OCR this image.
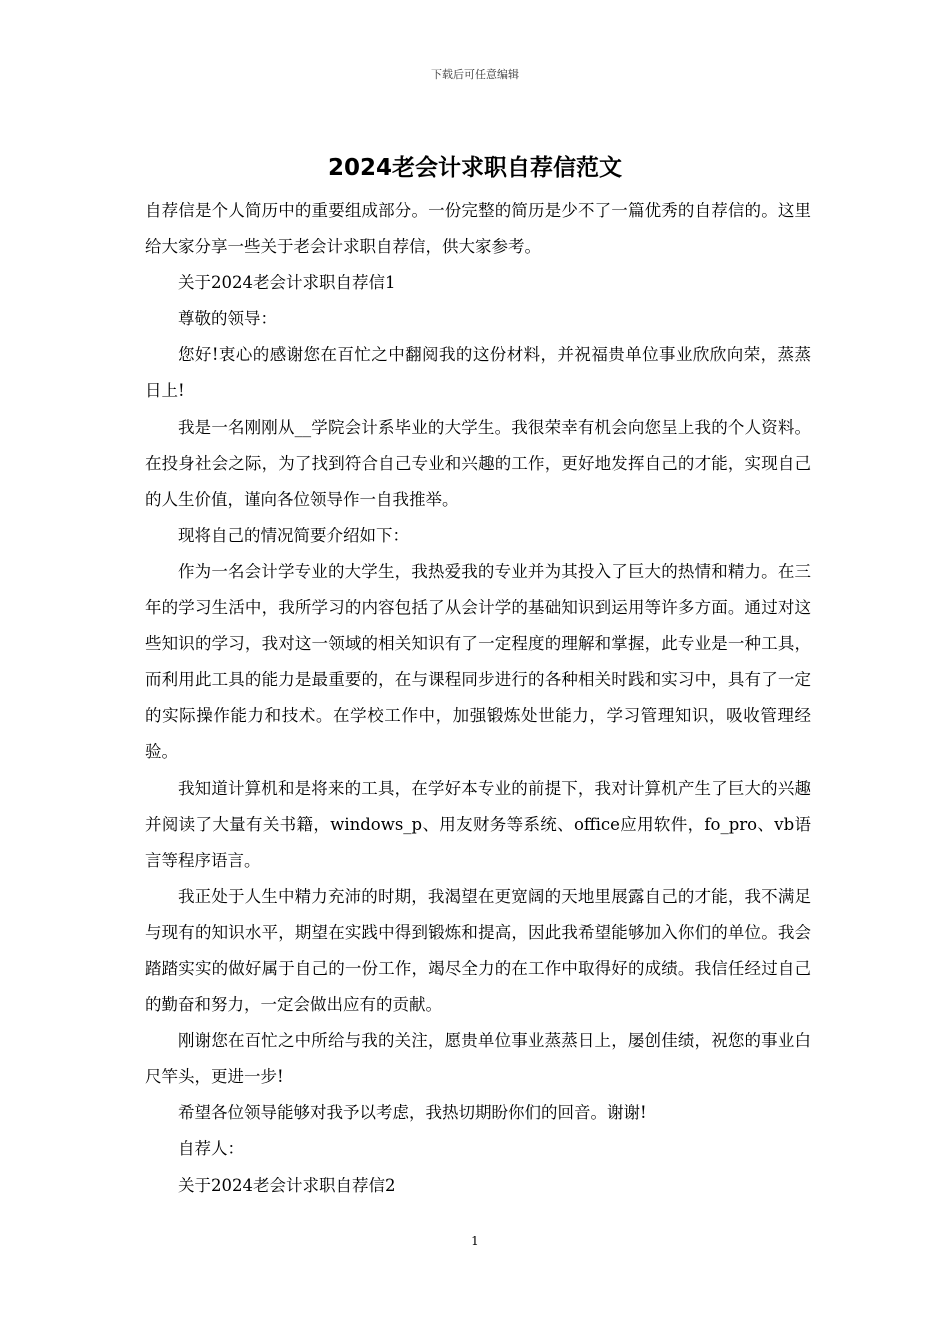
下载后可任意编辑
2024老会计求职自荐信范文

自荐信是个人简历中的重要组成部分。一份完整的简历是少不了一篇优秀的自荐信的。这里给大家分享一些关于老会计求职自荐信，供大家参考。

关于2024老会计求职自荐信1

尊敬的领导：

您好!衷心的感谢您在百忙之中翻阅我的这份材料，并祝福贵单位事业欣欣向荣，蒸蒸日上!

我是一名刚刚从__学院会计系毕业的大学生。我很荣幸有机会向您呈上我的个人资料。在投身社会之际，为了找到符合自己专业和兴趣的工作，更好地发挥自己的才能，实现自己的人生价值，谨向各位领导作一自我推举。

现将自己的情况简要介绍如下：

作为一名会计学专业的大学生，我热爱我的专业并为其投入了巨大的热情和精力。在三年的学习生活中，我所学习的内容包括了从会计学的基础知识到运用等许多方面。通过对这些知识的学习，我对这一领域的相关知识有了一定程度的理解和掌握，此专业是一种工具，而利用此工具的能力是最重要的，在与课程同步进行的各种相关时践和实习中，具有了一定的实际操作能力和技术。在学校工作中，加强锻炼处世能力，学习管理知识，吸收管理经验。

我知道计算机和是将来的工具，在学好本专业的前提下，我对计算机产生了巨大的兴趣并阅读了大量有关书籍，windows_p、用友财务等系统、office应用软件，fo_pro、vb语言等程序语言。

我正处于人生中精力充沛的时期，我渴望在更宽阔的天地里展露自己的才能，我不满足与现有的知识水平，期望在实践中得到锻炼和提高，因此我希望能够加入你们的单位。我会踏踏实实的做好属于自己的一份工作，竭尽全力的在工作中取得好的成绩。我信任经过自己的勤奋和努力，一定会做出应有的贡献。

刚谢您在百忙之中所给与我的关注，愿贵单位事业蒸蒸日上，屡创佳绩，祝您的事业白尺竿头，更进一步!

希望各位领导能够对我予以考虑，我热切期盼你们的回音。谢谢!

自荐人：

关于2024老会计求职自荐信2

1
